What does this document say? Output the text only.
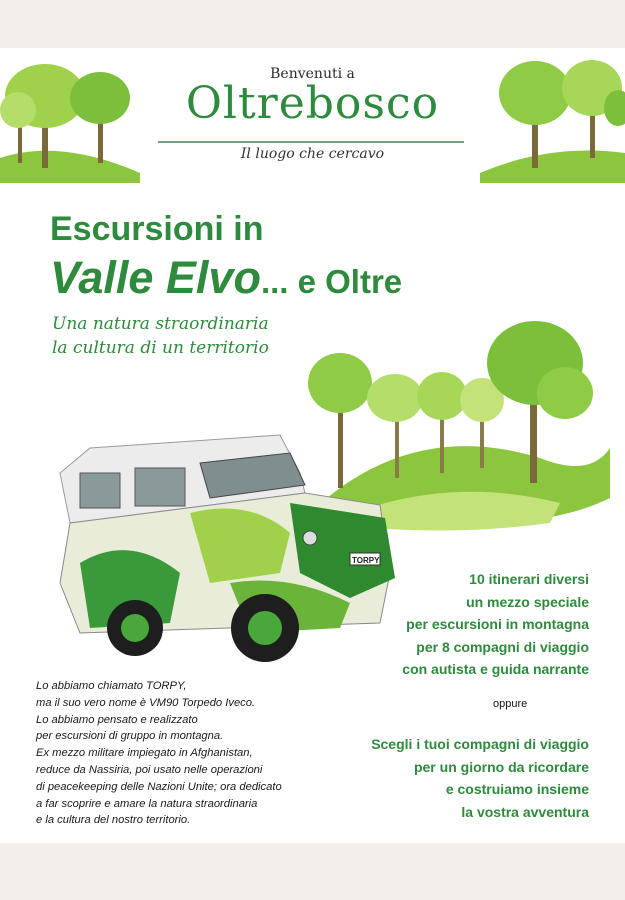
Benvenuti a
Oltrebosco
Il luogo che cercavo
Escursioni in
Valle Elvo... e Oltre
Una natura straordinaria
la cultura di un territorio
TORPY
10 itinerari diversi
un mezzo speciale
per escursioni in montagna
per 8 compagni di viaggio
con autista e guida narrante
oppure
Scegli i tuoi compagni di viaggio
per un giorno da ricordare
e costruiamo insieme
la vostra avventura
Lo abbiamo chiamato TORPY,
ma il suo vero nome è VM90 Torpedo Iveco.
Lo abbiamo pensato e realizzato
per escursioni di gruppo in montagna.
Ex mezzo militare impiegato in Afghanistan,
reduce da Nassiria, poi usato nelle operazioni
di peacekeeping delle Nazioni Unite; ora dedicato
a far scoprire e amare la natura straordinaria
e la cultura del nostro territorio.
